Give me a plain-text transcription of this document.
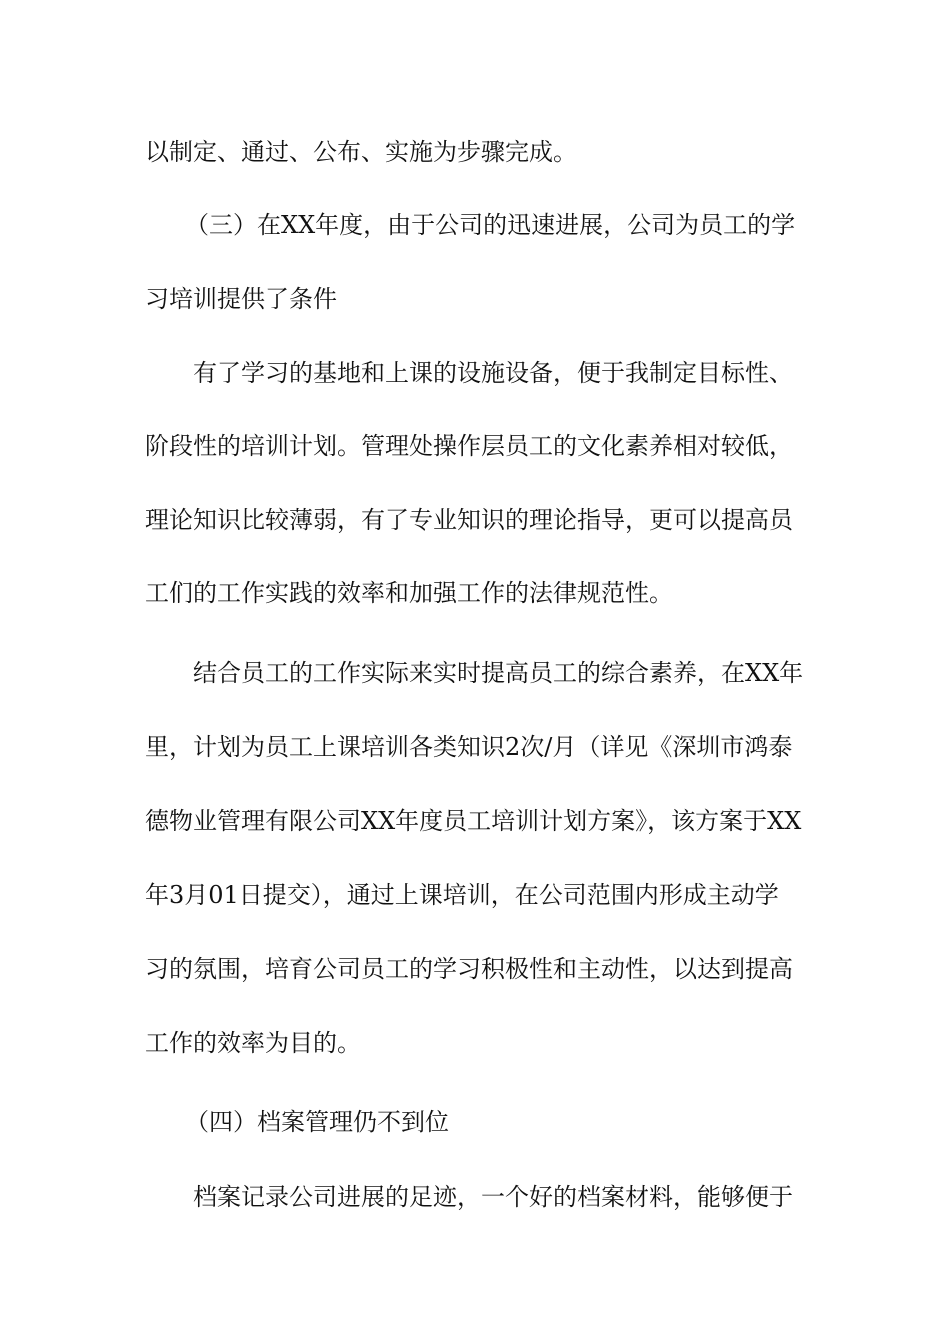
以制定、通过、公布、实施为步骤完成。
（三）在XX年度，由于公司的迅速进展，公司为员工的学
习培训提供了条件
有了学习的基地和上课的设施设备，便于我制定目标性、
阶段性的培训计划。管理处操作层员工的文化素养相对较低，
理论知识比较薄弱，有了专业知识的理论指导，更可以提高员
工们的工作实践的效率和加强工作的法律规范性。
结合员工的工作实际来实时提高员工的综合素养，在XX年
里，计划为员工上课培训各类知识2次/月（详见《深圳市鸿泰
德物业管理有限公司XX年度员工培训计划方案》，该方案于XX
年3月01日提交），通过上课培训，在公司范围内形成主动学
习的氛围，培育公司员工的学习积极性和主动性，以达到提高
工作的效率为目的。
（四）档案管理仍不到位
档案记录公司进展的足迹，一个好的档案材料，能够便于
